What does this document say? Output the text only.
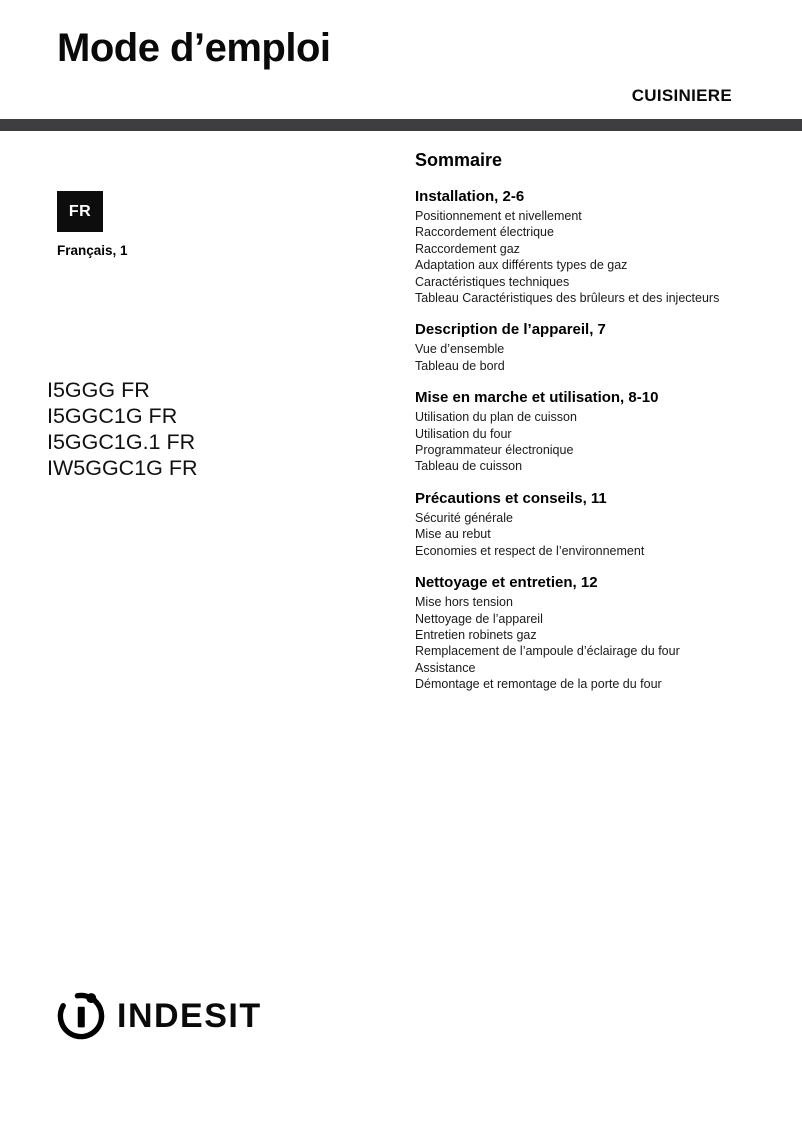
Mode d’emploi
CUISINIERE
FR
Français, 1
I5GGG FR
I5GGC1G FR
I5GGC1G.1 FR
IW5GGC1G FR
Sommaire
Installation, 2-6

Positionnement et nivellement

Raccordement électrique

Raccordement gaz

Adaptation aux différents types de gaz

Caractéristiques techniques

Tableau Caractéristiques des brûleurs et des injecteurs

Description de l’appareil, 7

Vue d’ensemble

Tableau de bord

Mise en marche et utilisation, 8-10

Utilisation du plan de cuisson

Utilisation du four

Programmateur électronique

Tableau de cuisson

Précautions et conseils, 11

Sécurité générale

Mise au rebut

Economies et respect de l’environnement

Nettoyage et entretien, 12

Mise hors tension

Nettoyage de l’appareil

Entretien robinets gaz

Remplacement de l’ampoule d’éclairage du four

Assistance

Démontage et remontage de la porte du four

INDESIT
